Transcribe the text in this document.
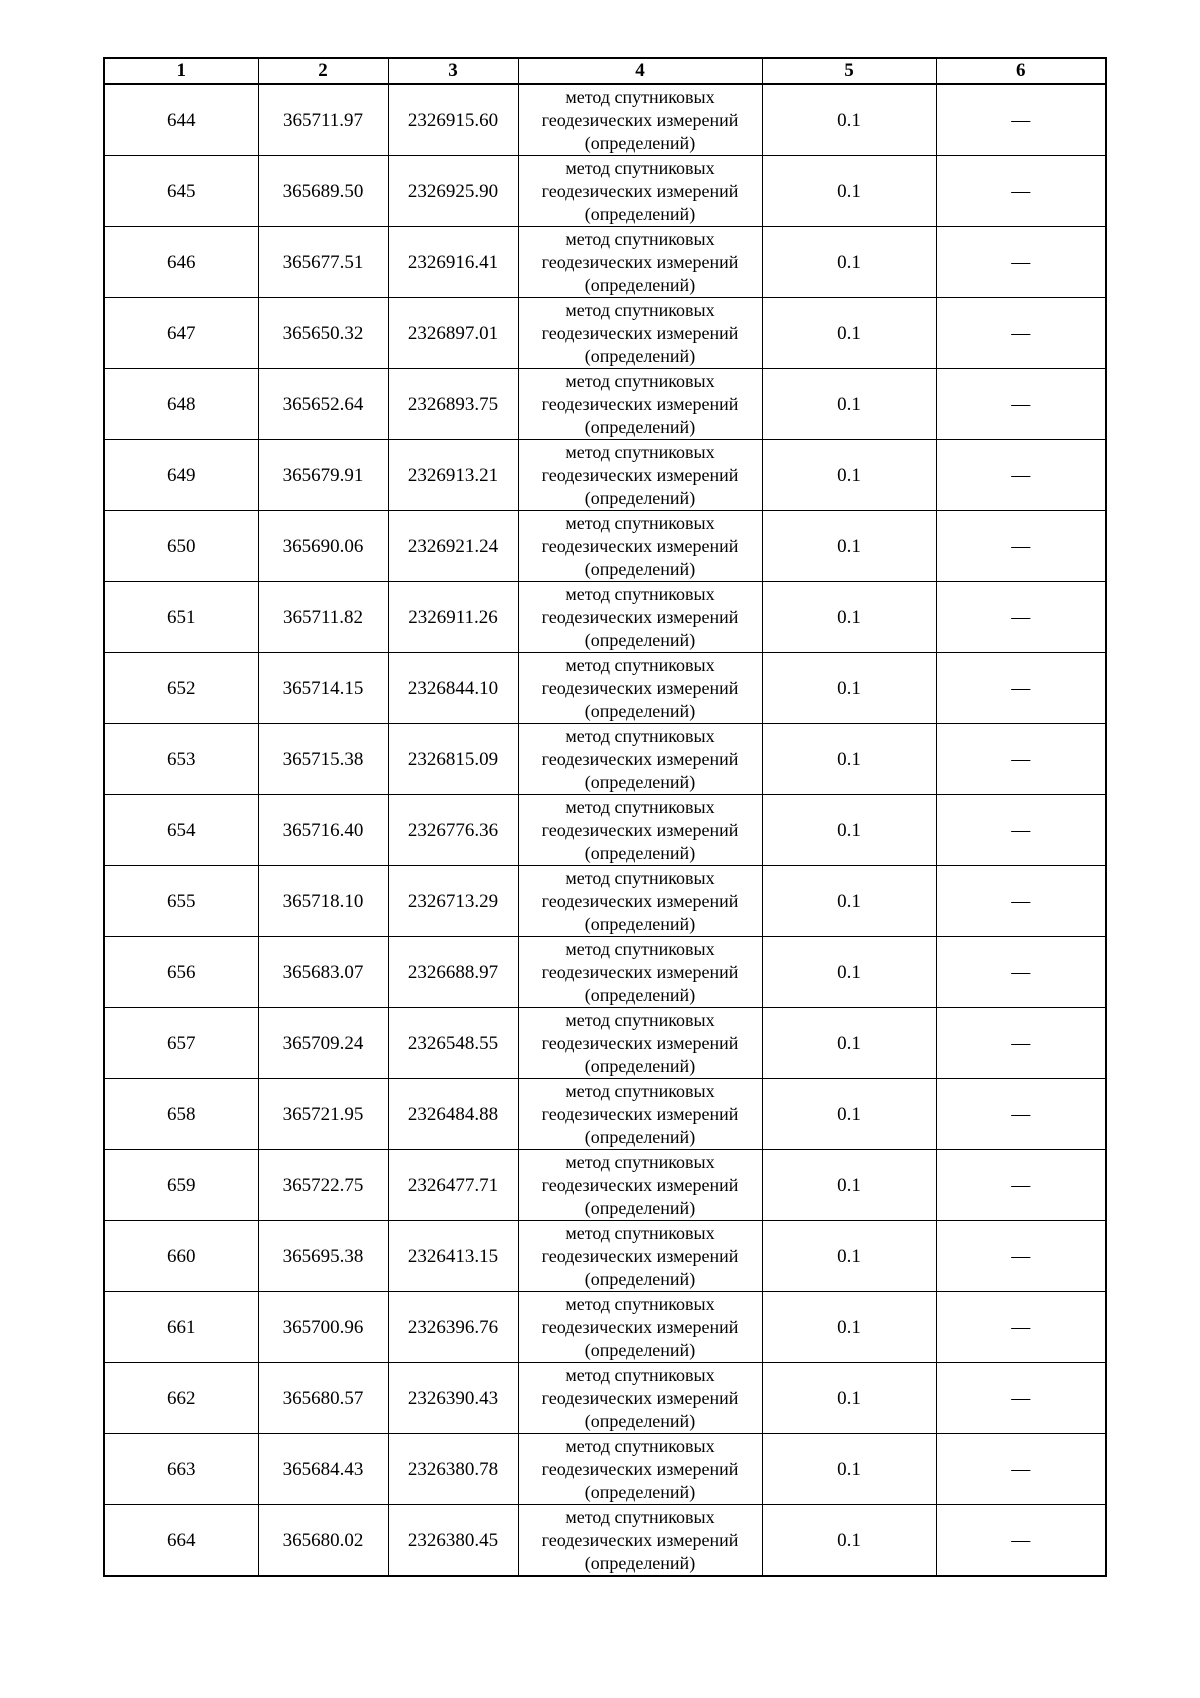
1	2	3	4	5	6
644	365711.97	2326915.60	метод спутниковых
геодезических измерений
(определений)	0.1	—
645	365689.50	2326925.90	метод спутниковых
геодезических измерений
(определений)	0.1	—
646	365677.51	2326916.41	метод спутниковых
геодезических измерений
(определений)	0.1	—
647	365650.32	2326897.01	метод спутниковых
геодезических измерений
(определений)	0.1	—
648	365652.64	2326893.75	метод спутниковых
геодезических измерений
(определений)	0.1	—
649	365679.91	2326913.21	метод спутниковых
геодезических измерений
(определений)	0.1	—
650	365690.06	2326921.24	метод спутниковых
геодезических измерений
(определений)	0.1	—
651	365711.82	2326911.26	метод спутниковых
геодезических измерений
(определений)	0.1	—
652	365714.15	2326844.10	метод спутниковых
геодезических измерений
(определений)	0.1	—
653	365715.38	2326815.09	метод спутниковых
геодезических измерений
(определений)	0.1	—
654	365716.40	2326776.36	метод спутниковых
геодезических измерений
(определений)	0.1	—
655	365718.10	2326713.29	метод спутниковых
геодезических измерений
(определений)	0.1	—
656	365683.07	2326688.97	метод спутниковых
геодезических измерений
(определений)	0.1	—
657	365709.24	2326548.55	метод спутниковых
геодезических измерений
(определений)	0.1	—
658	365721.95	2326484.88	метод спутниковых
геодезических измерений
(определений)	0.1	—
659	365722.75	2326477.71	метод спутниковых
геодезических измерений
(определений)	0.1	—
660	365695.38	2326413.15	метод спутниковых
геодезических измерений
(определений)	0.1	—
661	365700.96	2326396.76	метод спутниковых
геодезических измерений
(определений)	0.1	—
662	365680.57	2326390.43	метод спутниковых
геодезических измерений
(определений)	0.1	—
663	365684.43	2326380.78	метод спутниковых
геодезических измерений
(определений)	0.1	—
664	365680.02	2326380.45	метод спутниковых
геодезических измерений
(определений)	0.1	—
